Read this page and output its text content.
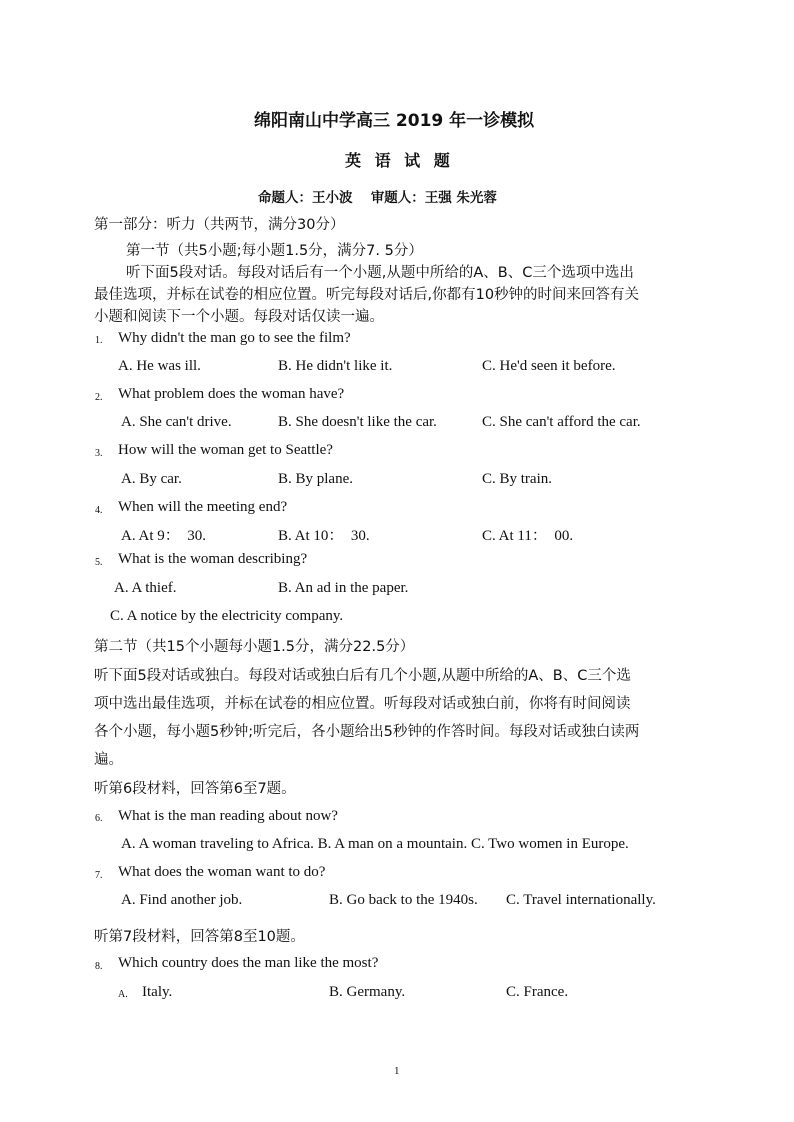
绵阳南山中学高三 2019 年一诊模拟
英 语 试 题
命题人：王小波　 审题人：王强 朱光蓉
第一部分：听力（共两节，满分30分）
第一节（共5小题;每小题1.5分，满分7. 5分）
听下面5段对话。每段对话后有一个小题,从题中所给的A、B、C三个选项中选出
最佳选项，并标在试卷的相应位置。听完每段对话后,你都有10秒钟的时间来回答有关
小题和阅读下一个小题。每段对话仅读一遍。
1. Why didn't the man go to see the film?
A. He was ill.	B. He didn't like it.	C. He'd seen it before.
2. What problem does the woman have?
A. She can't drive.	B. She doesn't like the car.	C. She can't afford the car.
3. How will the woman get to Seattle?
A. By car.	B. By plane.	C. By train.
4. When will the meeting end?
A. At 9：　30.	B. At 10：　30.	C. At 11：　00.
5. What is the woman describing?
A. A thief.	B. An ad in the paper.
C. A notice by the electricity company.
第二节（共15个小题每小题1.5分，满分22.5分）
听下面5段对话或独白。每段对话或独白后有几个小题,从题中所给的A、B、C三个选
项中选出最佳选项，并标在试卷的相应位置。听每段对话或独白前，你将有时间阅读
各个小题，每小题5秒钟;听完后，各小题给出5秒钟的作答时间。每段对话或独白读两
遍。
听第6段材料，回答第6至7题。
6. What is the man reading about now?
A. A woman traveling to Africa. B. A man on a mountain. C. Two women in Europe.
7. What does the woman want to do?
A. Find another job.	B. Go back to the 1940s. C. Travel internationally.
听第7段材料，回答第8至10题。
8. Which country does the man like the most?
A. Italy.	B. Germany.	C. France.
1
